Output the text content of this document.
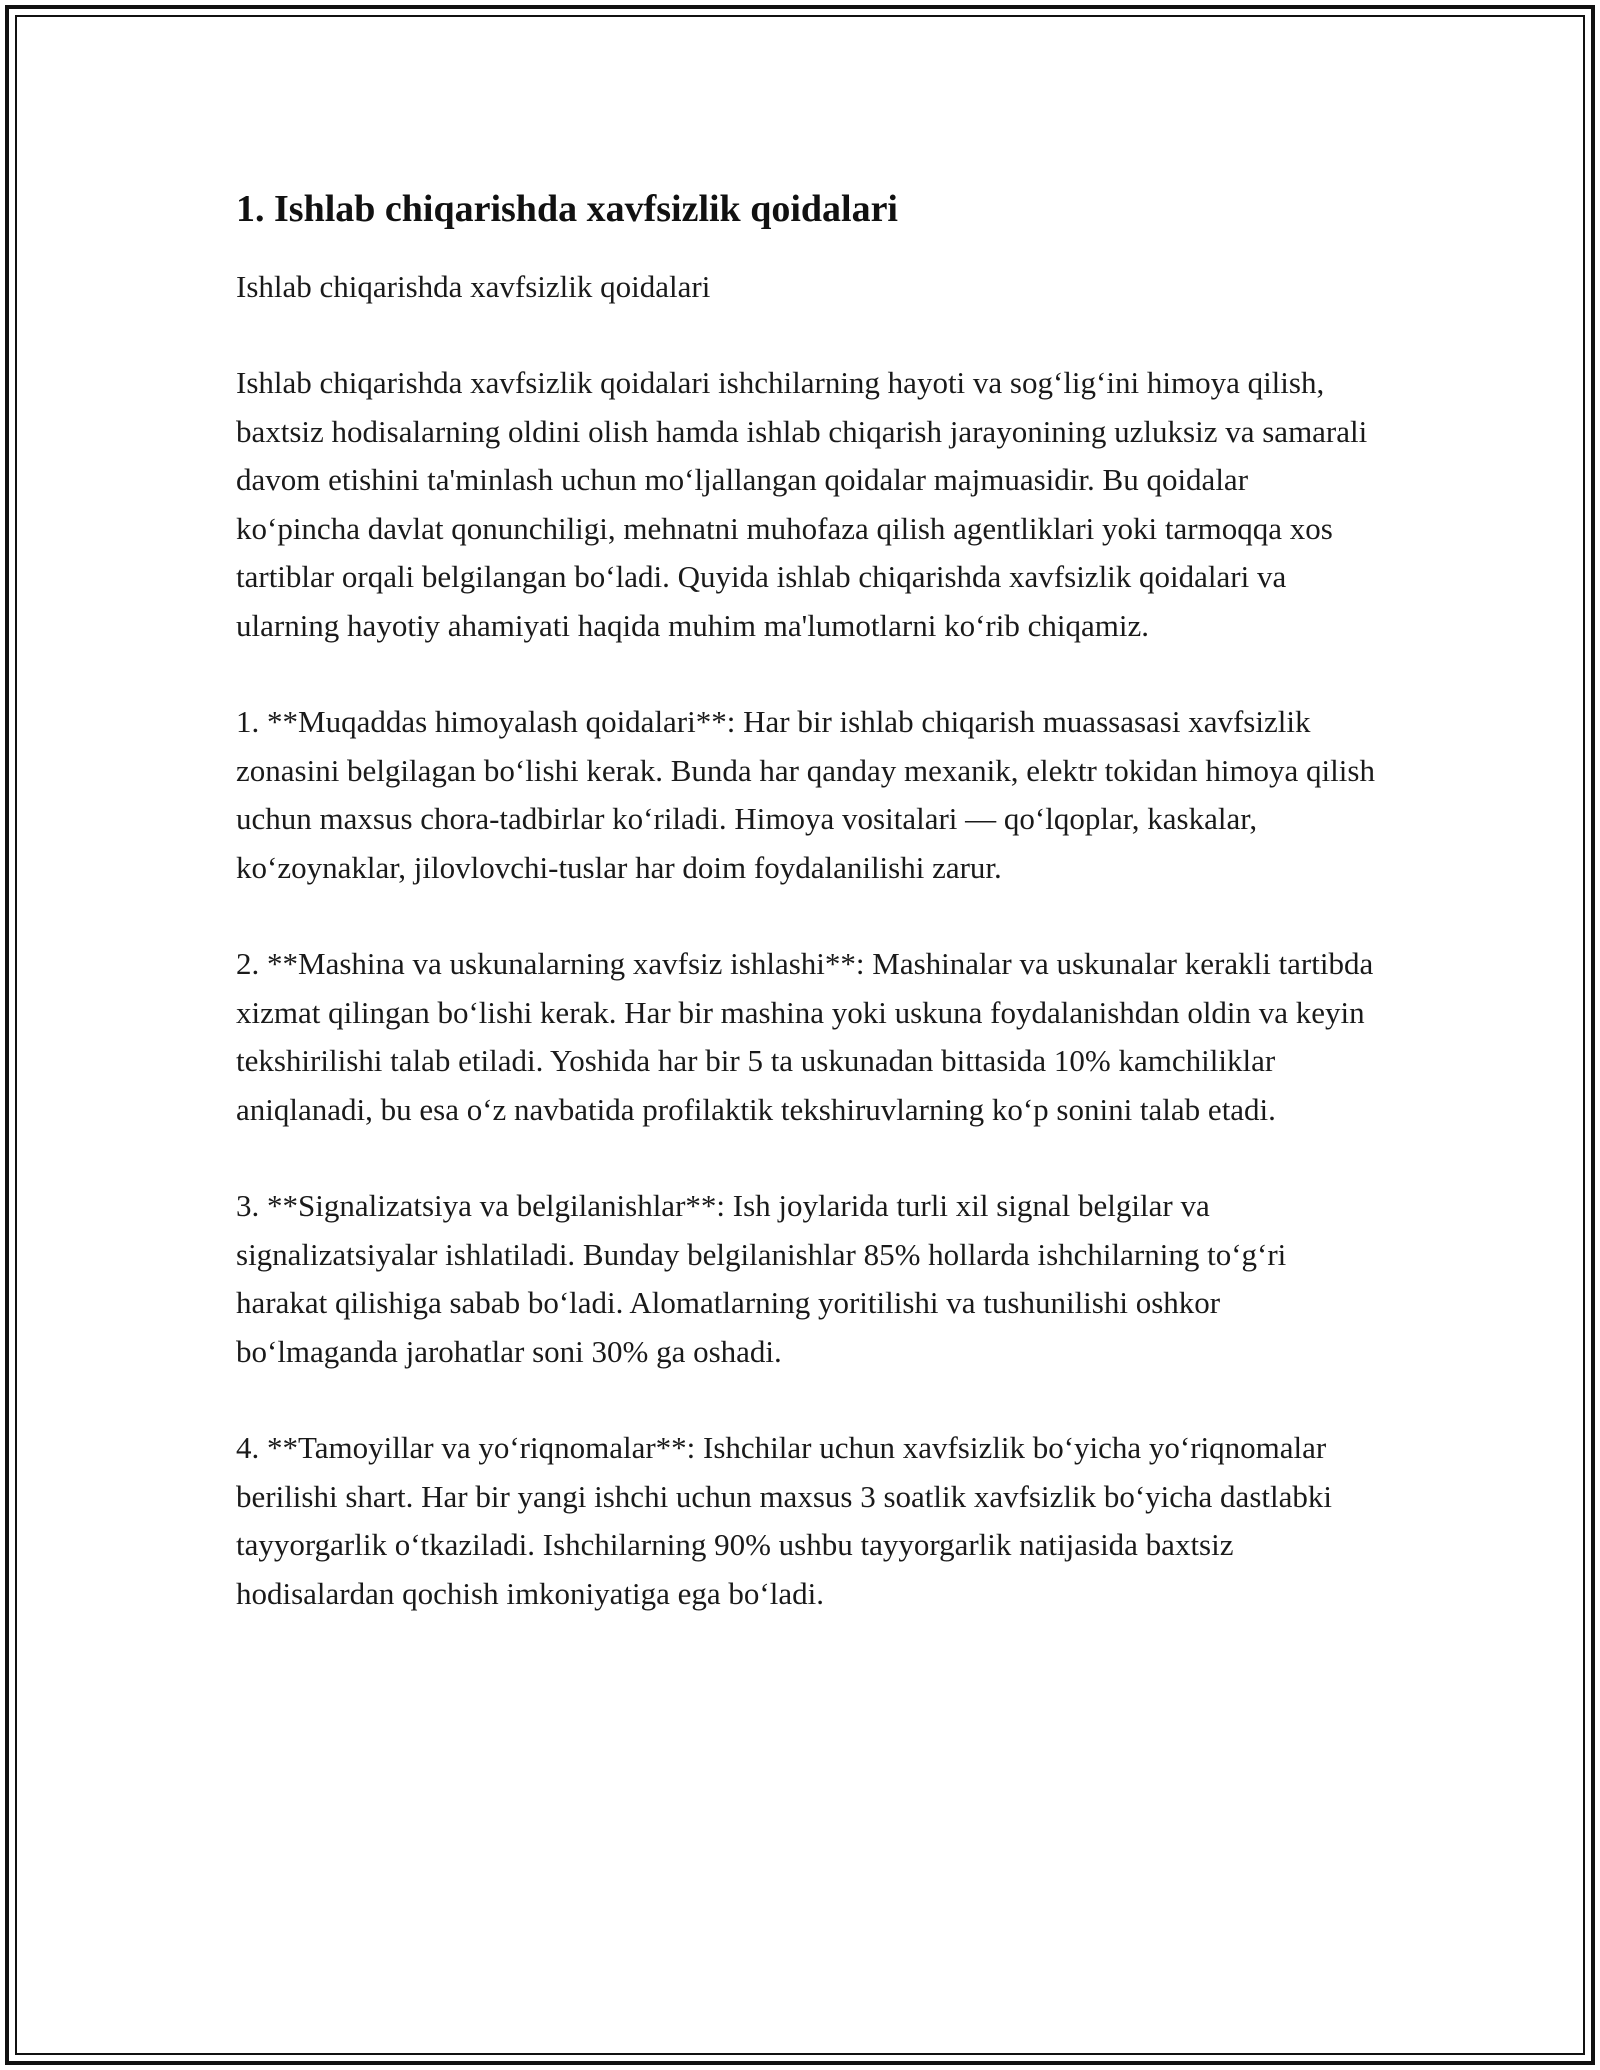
1. Ishlab chiqarishda xavfsizlik qoidalari

Ishlab chiqarishda xavfsizlik qoidalari

Ishlab chiqarishda xavfsizlik qoidalari ishchilarning hayoti va sog‘lig‘ini himoya qilish, baxtsiz hodisalarning oldini olish hamda ishlab chiqarish jarayonining uzluksiz va samarali davom etishini ta'minlash uchun mo‘ljallangan qoidalar majmuasidir. Bu qoidalar ko‘pincha davlat qonunchiligi, mehnatni muhofaza qilish agentliklari yoki tarmoqqa xos tartiblar orqali belgilangan bo‘ladi. Quyida ishlab chiqarishda xavfsizlik qoidalari va ularning hayotiy ahamiyati haqida muhim ma'lumotlarni ko‘rib chiqamiz.

1. **Muqaddas himoyalash qoidalari**: Har bir ishlab chiqarish muassasasi xavfsizlik zonasini belgilagan bo‘lishi kerak. Bunda har qanday mexanik, elektr tokidan himoya qilish uchun maxsus chora-tadbirlar ko‘riladi. Himoya vositalari — qo‘lqoplar, kaskalar, ko‘zoynaklar, jilovlovchi-tuslar har doim foydalanilishi zarur.

2. **Mashina va uskunalarning xavfsiz ishlashi**: Mashinalar va uskunalar kerakli tartibda xizmat qilingan bo‘lishi kerak. Har bir mashina yoki uskuna foydalanishdan oldin va keyin tekshirilishi talab etiladi. Yoshida har bir 5 ta uskunadan bittasida 10% kamchiliklar aniqlanadi, bu esa o‘z navbatida profilaktik tekshiruvlarning ko‘p sonini talab etadi.

3. **Signalizatsiya va belgilanishlar**: Ish joylarida turli xil signal belgilar va signalizatsiyalar ishlatiladi. Bunday belgilanishlar 85% hollarda ishchilarning to‘g‘ri harakat qilishiga sabab bo‘ladi. Alomatlarning yoritilishi va tushunilishi oshkor bo‘lmaganda jarohatlar soni 30% ga oshadi.

4. **Tamoyillar va yo‘riqnomalar**: Ishchilar uchun xavfsizlik bo‘yicha yo‘riqnomalar berilishi shart. Har bir yangi ishchi uchun maxsus 3 soatlik xavfsizlik bo‘yicha dastlabki tayyorgarlik o‘tkaziladi. Ishchilarning 90% ushbu tayyorgarlik natijasida baxtsiz hodisalardan qochish imkoniyatiga ega bo‘ladi.
